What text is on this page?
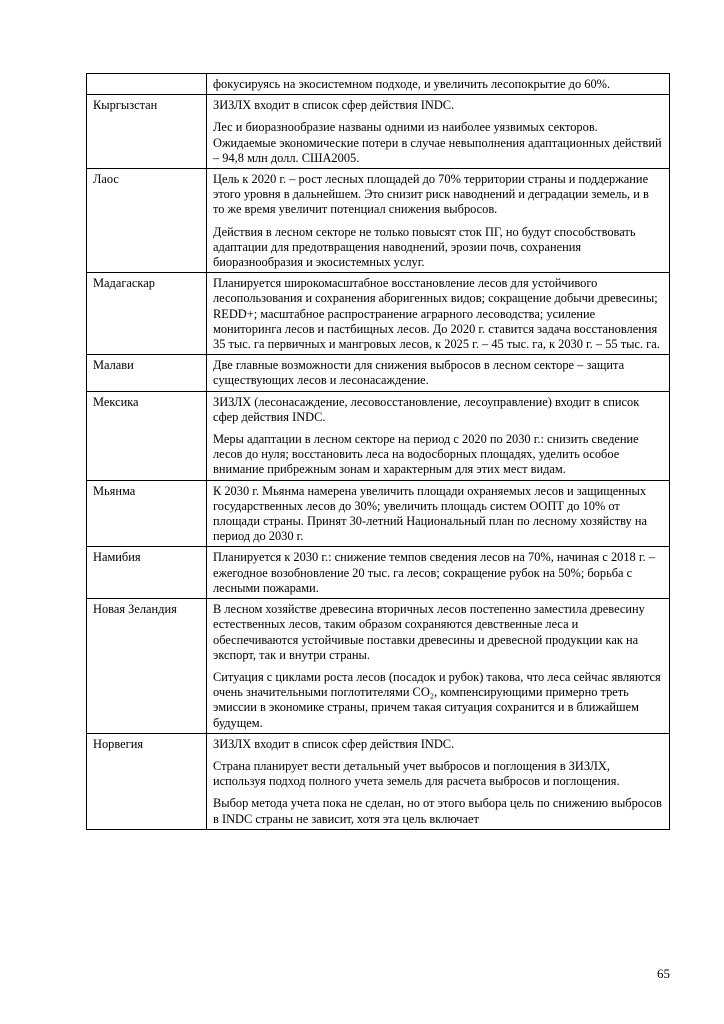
	фокусируясь на экосистемном подходе, и увеличить лесопокрытие до 60%.

Кыргызстан	ЗИЗЛХ входит в список сфер действия INDC.

Лес и биоразнообразие названы одними из наиболее уязвимых секторов. Ожидаемые экономические потери в случае невыполнения адаптационных действий – 94,8 млн долл. США2005.

Лаос	Цель к 2020 г. – рост лесных площадей до 70% территории страны и поддержание этого уровня в дальнейшем. Это снизит риск наводнений и деградации земель, и в то же время увеличит потенциал снижения выбросов.

Действия в лесном секторе не только повысят сток ПГ, но будут способствовать адаптации для предотвращения наводнений, эрозии почв, сохранения биоразнообразия и экосистемных услуг.

Мадагаскар	Планируется широкомасштабное восстановление лесов для устойчивого лесопользования и сохранения аборигенных видов; сокращение добычи древесины; REDD+; масштабное распространение аграрного лесоводства; усиление мониторинга лесов и пастбищных лесов. До 2020 г. ставится задача восстановления 35 тыс. га первичных и мангровых лесов, к 2025 г. – 45 тыс. га, к 2030 г. – 55 тыс. га.

Малави	Две главные возможности для снижения выбросов в лесном секторе – защита существующих лесов и лесонасаждение.

Мексика	ЗИЗЛХ (лесонасаждение, лесовосстановление, лесоуправление) входит в список сфер действия INDC.

Меры адаптации в лесном секторе на период с 2020 по 2030 г.: снизить сведение лесов до нуля; восстановить леса на водосборных площадях, уделить особое внимание прибрежным зонам и характерным для этих мест видам.

Мьянма	К 2030 г. Мьянма намерена увеличить площади охраняемых лесов и защищенных государственных лесов до 30%; увеличить площадь систем ООПТ до 10% от площади страны. Принят 30-летний Национальный план по лесному хозяйству на период до 2030 г.

Намибия	Планируется к 2030 г.: снижение темпов сведения лесов на 70%, начиная с 2018 г. – ежегодное возобновление 20 тыс. га лесов; сокращение рубок на 50%; борьба с лесными пожарами.

Новая Зеландия	В лесном хозяйстве древесина вторичных лесов постепенно заместила древесину естественных лесов, таким образом сохраняются девственные леса и обеспечиваются устойчивые поставки древесины и древесной продукции как на экспорт, так и внутри страны.

Ситуация с циклами роста лесов (посадок и рубок) такова, что леса сейчас являются очень значительными поглотителями CO₂, компенсирующими примерно треть эмиссии в экономике страны, причем такая ситуация сохранится и в ближайшем будущем.

Норвегия	ЗИЗЛХ входит в список сфер действия INDC.

Страна планирует вести детальный учет выбросов и поглощения в ЗИЗЛХ, используя подход полного учета земель для расчета выбросов и поглощения.

Выбор метода учета пока не сделан, но от этого выбора цель по снижению выбросов в INDC страны не зависит, хотя эта цель включает

65
